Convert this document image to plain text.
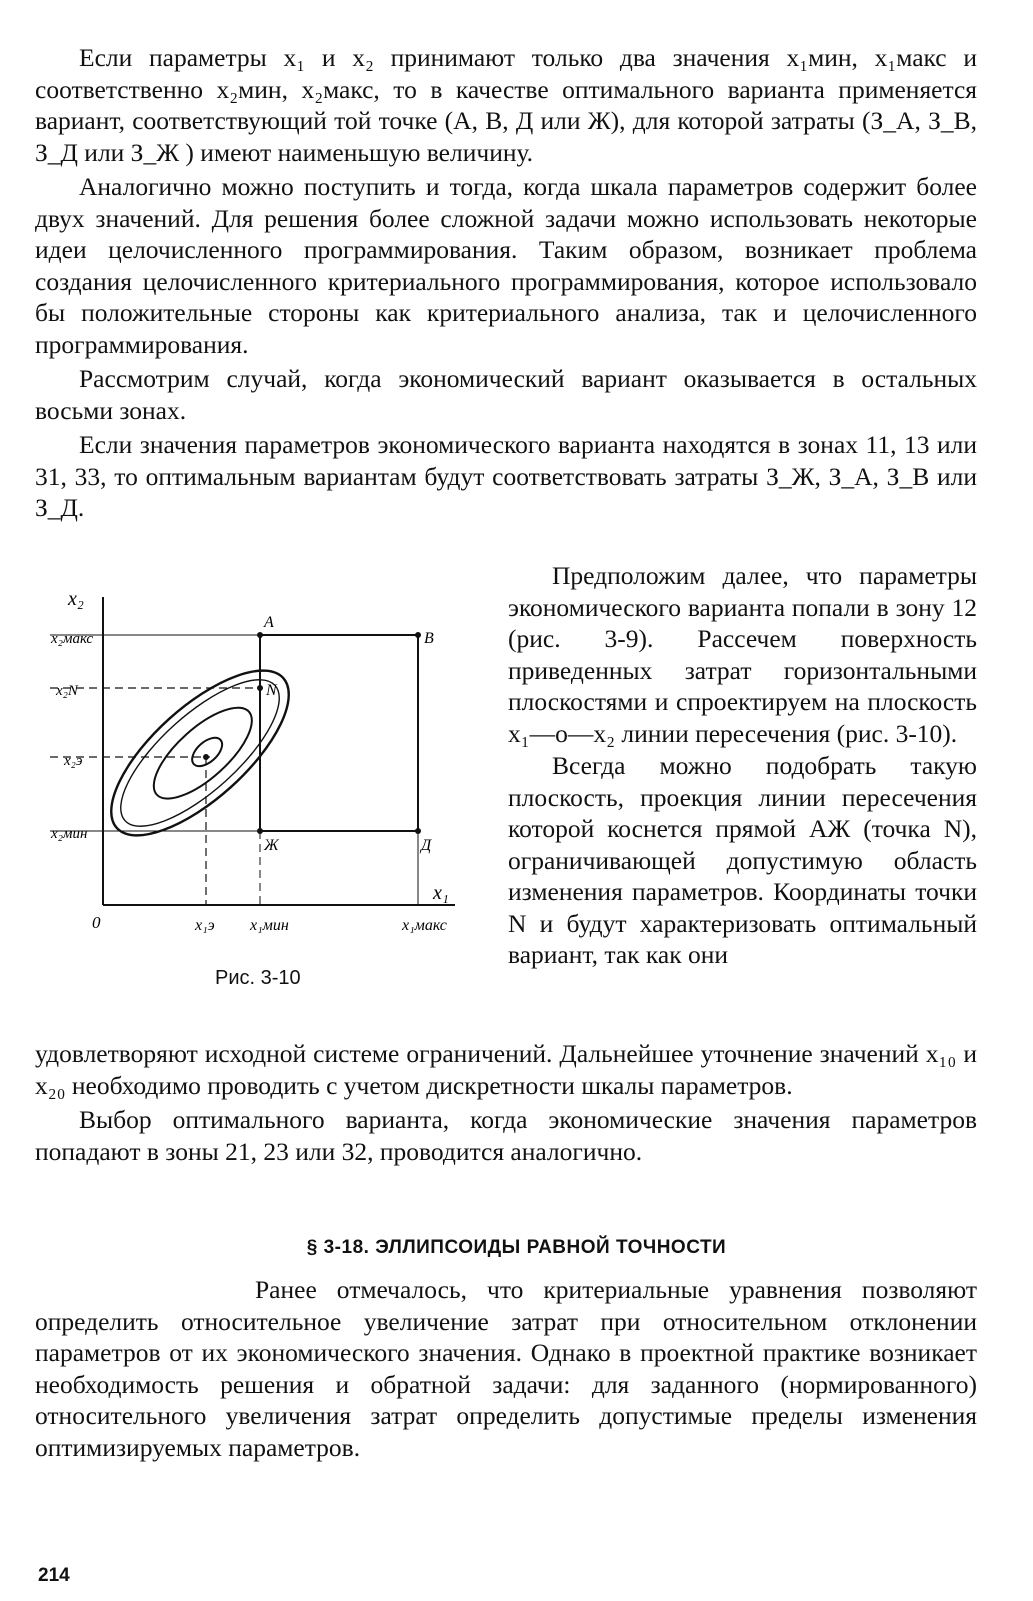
Если параметры x₁ и x₂ принимают только два значения x₁мин, x₁макс и соответственно x₂мин, x₂макс, то в качестве оптимального варианта применяется вариант, соответствующий той точке (А, В, Д или Ж), для которой затраты (З_А, З_В, З_Д или З_Ж ) имеют наименьшую величину.

Аналогично можно поступить и тогда, когда шкала параметров содержит более двух значений. Для решения более сложной задачи можно использовать некоторые идеи целочисленного программирования. Таким образом, возникает проблема создания целочисленного критериального программирования, которое использовало бы положительные стороны как критериального анализа, так и целочисленного программирования.

Рассмотрим случай, когда экономический вариант оказывается в остальных восьми зонах.

Если значения параметров экономического варианта находятся в зонах 11, 13 или 31, 33, то оптимальным вариантам будут соответствовать затраты З_Ж, З_А, З_В или З_Д.

x₂
x₂макс
x₂N
x₂э
x₂мин
x₁
0	x₁э x₁мин	x₁макс
А
В
N
Ж	Д
Рис. 3-10

Предположим далее, что параметры экономического варианта попали в зону 12 (рис. 3-9). Рассечем поверхность приведенных затрат горизонтальными плоскостями и спроектируем на плоскость x₁—o—x₂ линии пересечения (рис. 3-10).

Всегда можно подобрать такую плоскость, проекция линии пересечения которой коснется прямой АЖ (точка N), ограничивающей допустимую область изменения параметров. Координаты точки N и будут характеризовать оптимальный вариант, так как они

удовлетворяют исходной системе ограничений. Дальнейшее уточнение значений x₁₀ и x₂₀ необходимо проводить с учетом дискретности шкалы параметров.

Выбор оптимального варианта, когда экономические значения параметров попадают в зоны 21, 23 или 32, проводится аналогично.

§ 3-18. ЭЛЛИПСОИДЫ РАВНОЙ ТОЧНОСТИ

Ранее отмечалось, что критериальные уравнения позволяют определить относительное увеличение затрат при относительном отклонении параметров от их экономического значения. Однако в проектной практике возникает необходимость решения и обратной задачи: для заданного (нормированного) относительного увеличения затрат определить допустимые пределы изменения оптимизируемых параметров.

214
